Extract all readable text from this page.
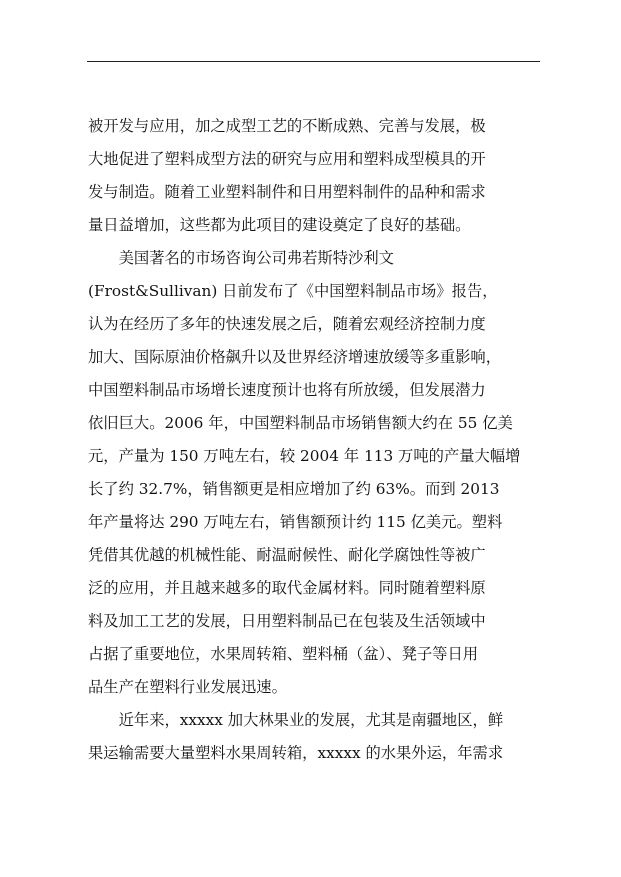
被开发与应用，加之成型工艺的不断成熟、完善与发展，极
大地促进了塑料成型方法的研究与应用和塑料成型模具的开
发与制造。随着工业塑料制件和日用塑料制件的品种和需求
量日益增加，这些都为此项目的建设奠定了良好的基础。
　　美国著名的市场咨询公司弗若斯特沙利文
(Frost&Sullivan) 日前发布了《中国塑料制品市场》报告，
认为在经历了多年的快速发展之后，随着宏观经济控制力度
加大、国际原油价格飙升以及世界经济增速放缓等多重影响，
中国塑料制品市场增长速度预计也将有所放缓，但发展潜力
依旧巨大。2006 年，中国塑料制品市场销售额大约在 55 亿美
元，产量为 150 万吨左右，较 2004 年 113 万吨的产量大幅增
长了约 32.7%，销售额更是相应增加了约 63%。而到 2013
年产量将达 290 万吨左右，销售额预计约 115 亿美元。塑料
凭借其优越的机械性能、耐温耐候性、耐化学腐蚀性等被广
泛的应用，并且越来越多的取代金属材料。同时随着塑料原
料及加工工艺的发展，日用塑料制品已在包装及生活领域中
占据了重要地位，水果周转箱、塑料桶（盆）、凳子等日用
品生产在塑料行业发展迅速。
　　近年来，xxxxx 加大林果业的发展，尤其是南疆地区，鲜
果运输需要大量塑料水果周转箱，xxxxx 的水果外运，年需求
